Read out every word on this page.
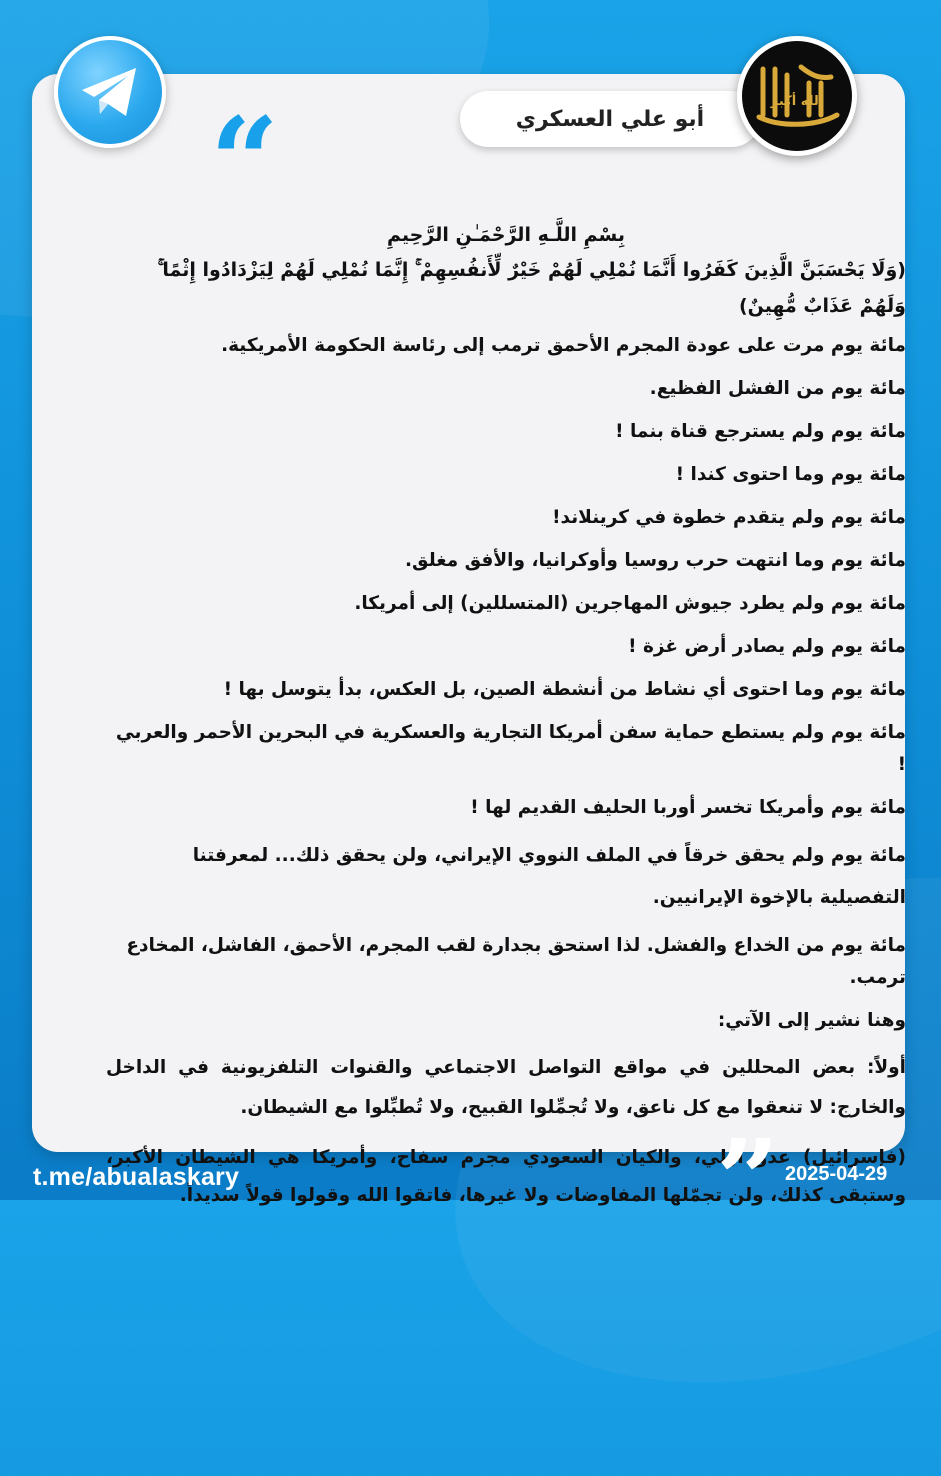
أبو علي العسكري
“

بِسْمِ اللَّـهِ الرَّحْمَـٰنِ الرَّحِيمِ

(وَلَا يَحْسَبَنَّ الَّذِينَ كَفَرُوا أَنَّمَا نُمْلِي لَهُمْ خَيْرٌ لِّأَنفُسِهِمْ ۚ إِنَّمَا نُمْلِي لَهُمْ لِيَزْدَادُوا إِثْمًا ۚ وَلَهُمْ عَذَابٌ مُّهِينٌ)

مائة يوم مرت على عودة المجرم الأحمق ترمب إلى رئاسة الحكومة الأمريكية.

مائة يوم من الفشل الفظيع.

مائة يوم ولم يسترجع قناة بنما !

مائة يوم وما احتوى كندا !

مائة يوم ولم يتقدم خطوة في كرينلاند!

مائة يوم وما انتهت حرب روسيا وأوكرانيا، والأفق مغلق.

مائة يوم ولم يطرد جيوش المهاجرين (المتسللين) إلى أمريكا.

مائة يوم ولم يصادر أرض غزة !

مائة يوم وما احتوى أي نشاط من أنشطة الصين، بل العكس، بدأ يتوسل بها !

مائة يوم ولم يستطع حماية سفن أمريكا التجارية والعسكرية في البحرين الأحمر والعربي !

مائة يوم وأمريكا تخسر أوربا الحليف القديم لها !

مائة يوم ولم يحقق خرقاً في الملف النووي الإيراني، ولن يحقق ذلك... لمعرفتنا التفصيلية بالإخوة الإيرانيين.

مائة يوم من الخداع والفشل. لذا استحق بجدارة لقب المجرم، الأحمق، الفاشل، المخادع ترمب.

وهنا نشير إلى الآتي:

أولاً: بعض المحللين في مواقع التواصل الاجتماعي والقنوات التلفزيونية في الداخل والخارج: لا تنعقوا مع كل ناعق، ولا تُجمِّلوا القبيح، ولا تُطبِّلوا مع الشيطان.

(فإسرائيل) عدو أزلي، والكيان السعودي مجرم سفاح، وأمريكا هي الشيطان الأكبر، وستبقى كذلك، ولن تجمّلها المفاوضات ولا غيرها، فاتقوا الله وقولوا قولاً سديداً.

الله أكبر
”
t.me/abualaskary	2025-04-29
